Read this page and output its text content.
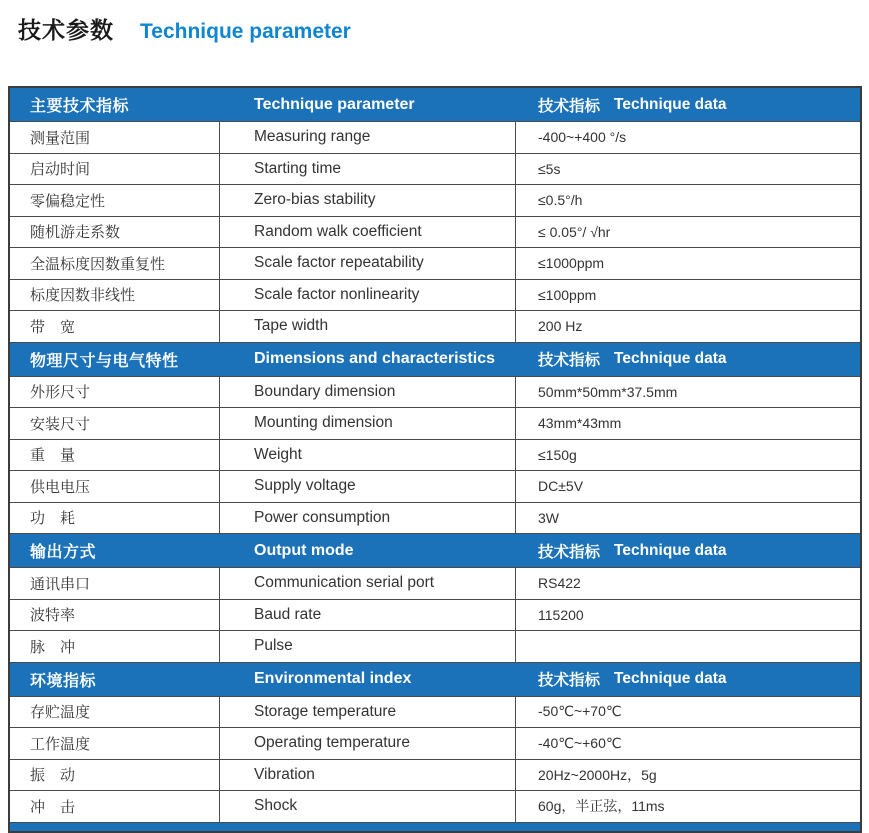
技术参数 Technique parameter
主要技术指标	Technique parameter	技术指标 Technique data
测量范围	Measuring range	-400~+400 °/s
启动时间	Starting time	≤5s
零偏稳定性	Zero-bias stability	≤0.5°/h
随机游走系数	Random walk coefficient	≤ 0.05°/ √hr
全温标度因数重复性	Scale factor repeatability	≤1000ppm
标度因数非线性	Scale factor nonlinearity	≤100ppm
带　宽	Tape width	200 Hz
物理尺寸与电气特性	Dimensions and characteristics	技术指标 Technique data
外形尺寸	Boundary dimension	50mm*50mm*37.5mm
安装尺寸	Mounting dimension	43mm*43mm
重　量	Weight	≤150g
供电电压	Supply voltage	DC±5V
功　耗	Power consumption	3W
输出方式	Output mode	技术指标 Technique data
通讯串口	Communication serial port	RS422
波特率	Baud rate	115200
脉　冲	Pulse
环境指标	Environmental index	技术指标 Technique data
存贮温度	Storage temperature	-50℃~+70℃
工作温度	Operating temperature	-40℃~+60℃
振　动	Vibration	20Hz~2000Hz，5g
冲　击	Shock	60g，半正弦，11ms
